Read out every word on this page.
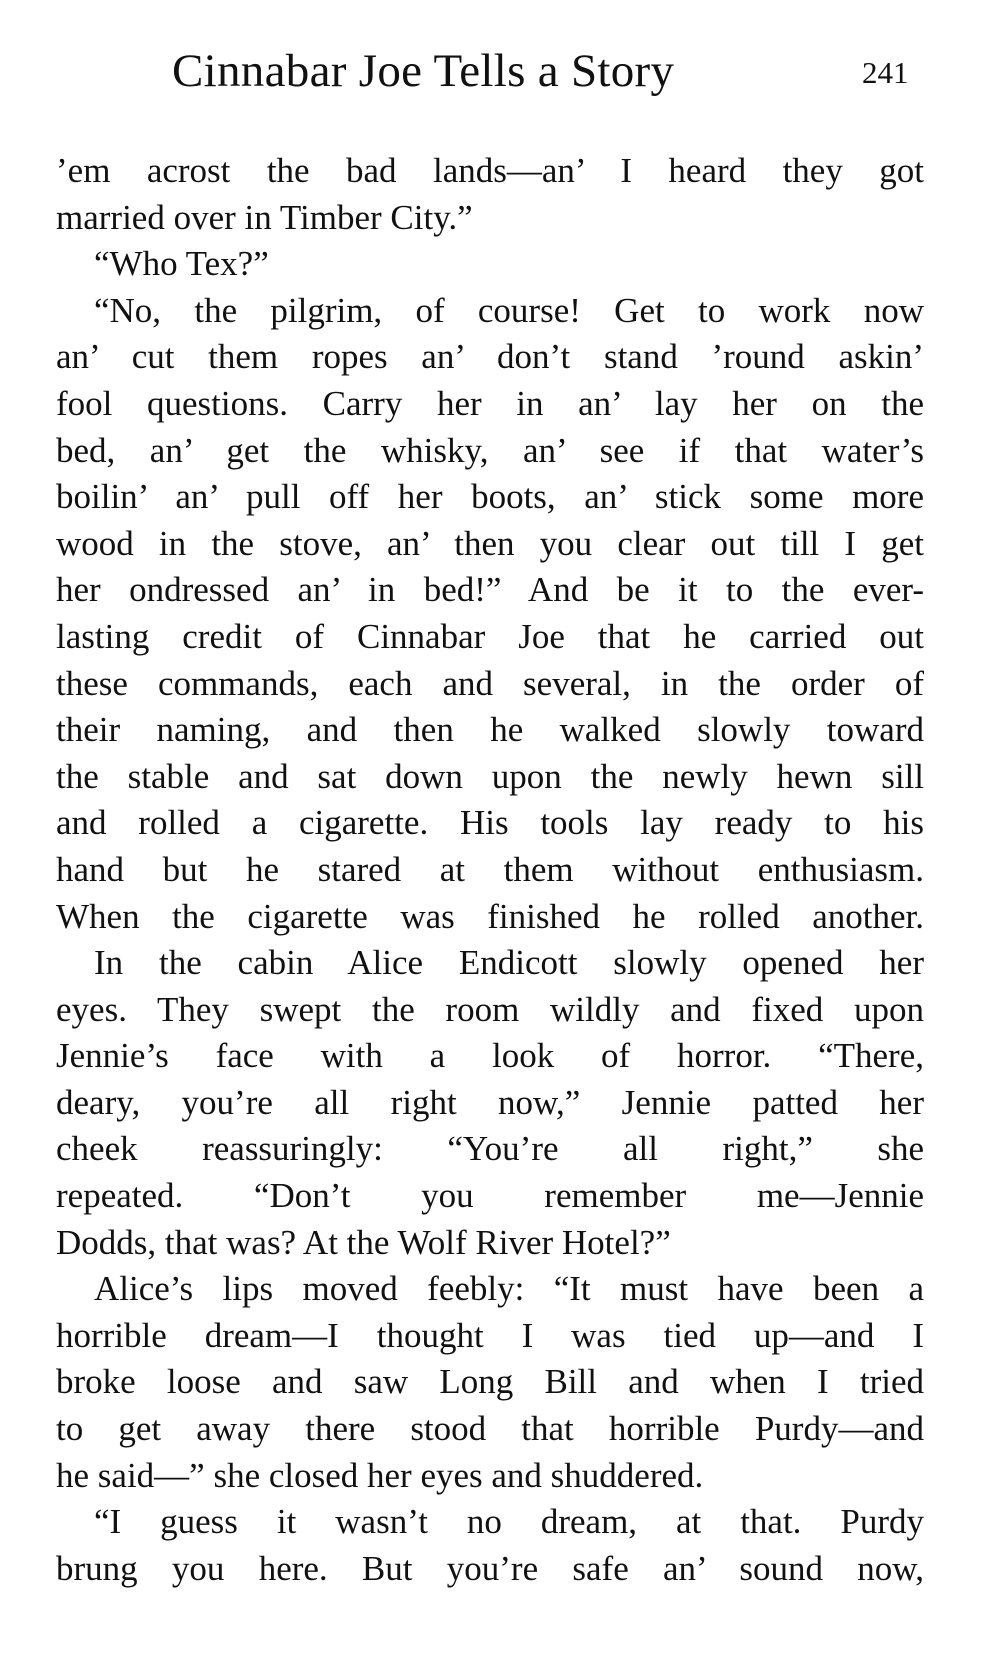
Cinnabar Joe Tells a Story	241
’em acrost the bad lands—an’ I heard they got
married over in Timber City.”
“Who Tex?”
“No, the pilgrim, of course! Get to work now
an’ cut them ropes an’ don’t stand ’round askin’
fool questions. Carry her in an’ lay her on the
bed, an’ get the whisky, an’ see if that water’s
boilin’ an’ pull off her boots, an’ stick some more
wood in the stove, an’ then you clear out till I get
her ondressed an’ in bed!” And be it to the ever-
lasting credit of Cinnabar Joe that he carried out
these commands, each and several, in the order of
their naming, and then he walked slowly toward
the stable and sat down upon the newly hewn sill
and rolled a cigarette. His tools lay ready to his
hand but he stared at them without enthusiasm.
When the cigarette was finished he rolled another.
In the cabin Alice Endicott slowly opened her
eyes. They swept the room wildly and fixed upon
Jennie’s face with a look of horror. “There,
deary, you’re all right now,” Jennie patted her
cheek reassuringly: “You’re all right,” she
repeated. “Don’t you remember me—Jennie
Dodds, that was? At the Wolf River Hotel?”
Alice’s lips moved feebly: “It must have been a
horrible dream—I thought I was tied up—and I
broke loose and saw Long Bill and when I tried
to get away there stood that horrible Purdy—and
he said—” she closed her eyes and shuddered.
“I guess it wasn’t no dream, at that. Purdy
brung you here. But you’re safe an’ sound now,
